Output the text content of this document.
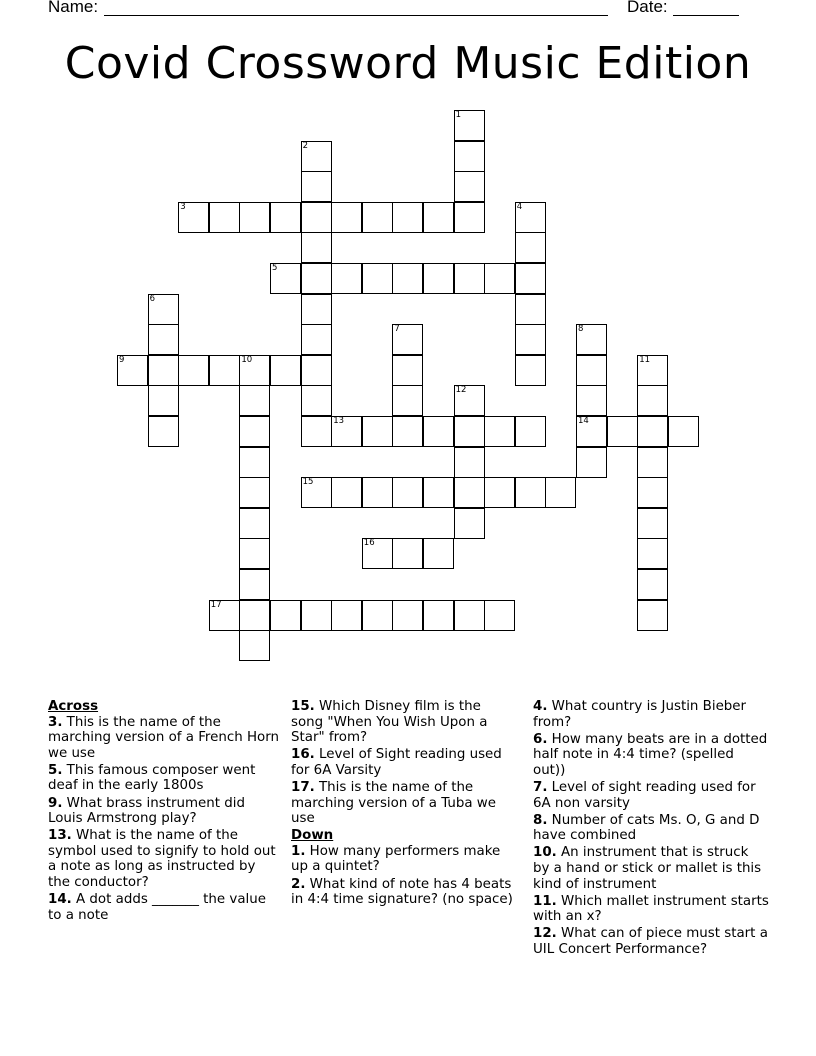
Name:	Date:
Covid Crossword Music Edition
1
2
3	4
5
6
7	8
14
9	10	11
12
13
15
16
17
Across
3. This is the name of the marching version of a French Horn we use
5. This famous composer went deaf in the early 1800s
9. What brass instrument did Louis Armstrong play?
13. What is the name of the symbol used to signify to hold out a note as long as instructed by the conductor?
14. A dot adds _______ the value to a note
15. Which Disney film is the song "When You Wish Upon a Star" from?
16. Level of Sight reading used for 6A Varsity
17. This is the name of the marching version of a Tuba we use
Down
1. How many performers make up a quintet?
2. What kind of note has 4 beats in 4:4 time signature? (no space)
4. What country is Justin Bieber from?
6. How many beats are in a dotted half note in 4:4 time? (spelled out))
7. Level of sight reading used for 6A non varsity
8. Number of cats Ms. O, G and D have combined
10. An instrument that is struck by a hand or stick or mallet is this kind of instrument
11. Which mallet instrument starts with an x?
12. What can of piece must start a UIL Concert Performance?
